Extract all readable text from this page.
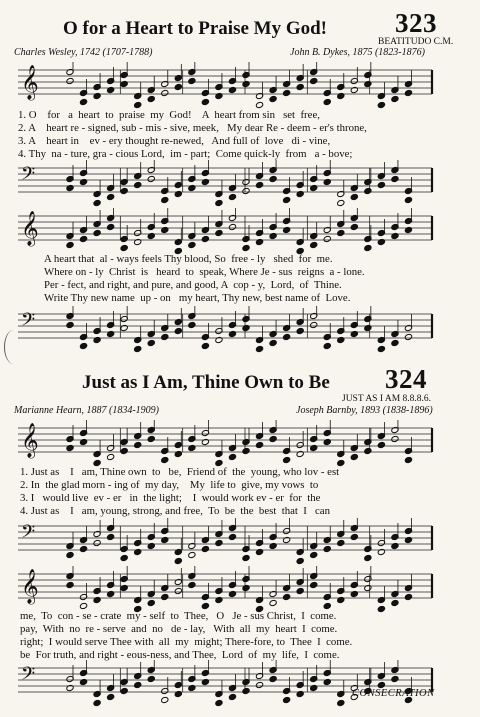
O for a Heart to Praise My God!	323
BEATITUDO C.M.
Charles Wesley, 1742 (1707-1788)	John B. Dykes, 1875 (1823-1876)
𝄞
1. O    for   a  heart  to  praise  my  God!    A  heart from sin   set  free,
2. A    heart re - signed, sub - mis - sive, meek,   My dear Re - deem - er's throne,
3. A    heart in    ev - ery thought re-newed,   And full of  love   di - vine,
4. Thy  na - ture, gra - cious Lord,  im - part;  Come quick-ly  from   a - bove;
𝄢
𝄞
A heart that  al - ways feels Thy blood, So  free - ly   shed  for  me.
Where on - ly  Christ  is   heard  to  speak, Where Je - sus  reigns  a - lone.
Per - fect, and right, and pure, and good, A  cop - y,  Lord,  of  Thine.
Write Thy new name  up - on   my heart, Thy new, best name of  Love.
𝄢
Just as I Am, Thine Own to Be 324
JUST AS I AM 8.8.8.6.
Marianne Hearn, 1887 (1834-1909)	Joseph Barnby, 1893 (1838-1896)
𝄞
1. Just as    I   am, Thine own  to   be,  Friend of  the  young, who lov - est
2. In  the glad morn - ing of  my day,    My  life to  give, my vows  to
3. I   would live  ev - er   in  the light;    I  would work ev - er  for  the
4. Just as    I   am, young, strong, and free,  To  be  the  best  that  I   can
𝄢
𝄞
me,  To  con - se - crate  my - self  to  Thee,   O   Je - sus Christ,  I  come.
pay,  With  no  re - serve  and  no   de - lay,   With  all  my  heart  I  come.
right;  I would serve Thee with  all  my  might; There-fore, to  Thee  I  come.
be  For truth, and right - eous-ness, and Thee,  Lord  of  my  life,  I  come.
𝄢
CONSECRATION
